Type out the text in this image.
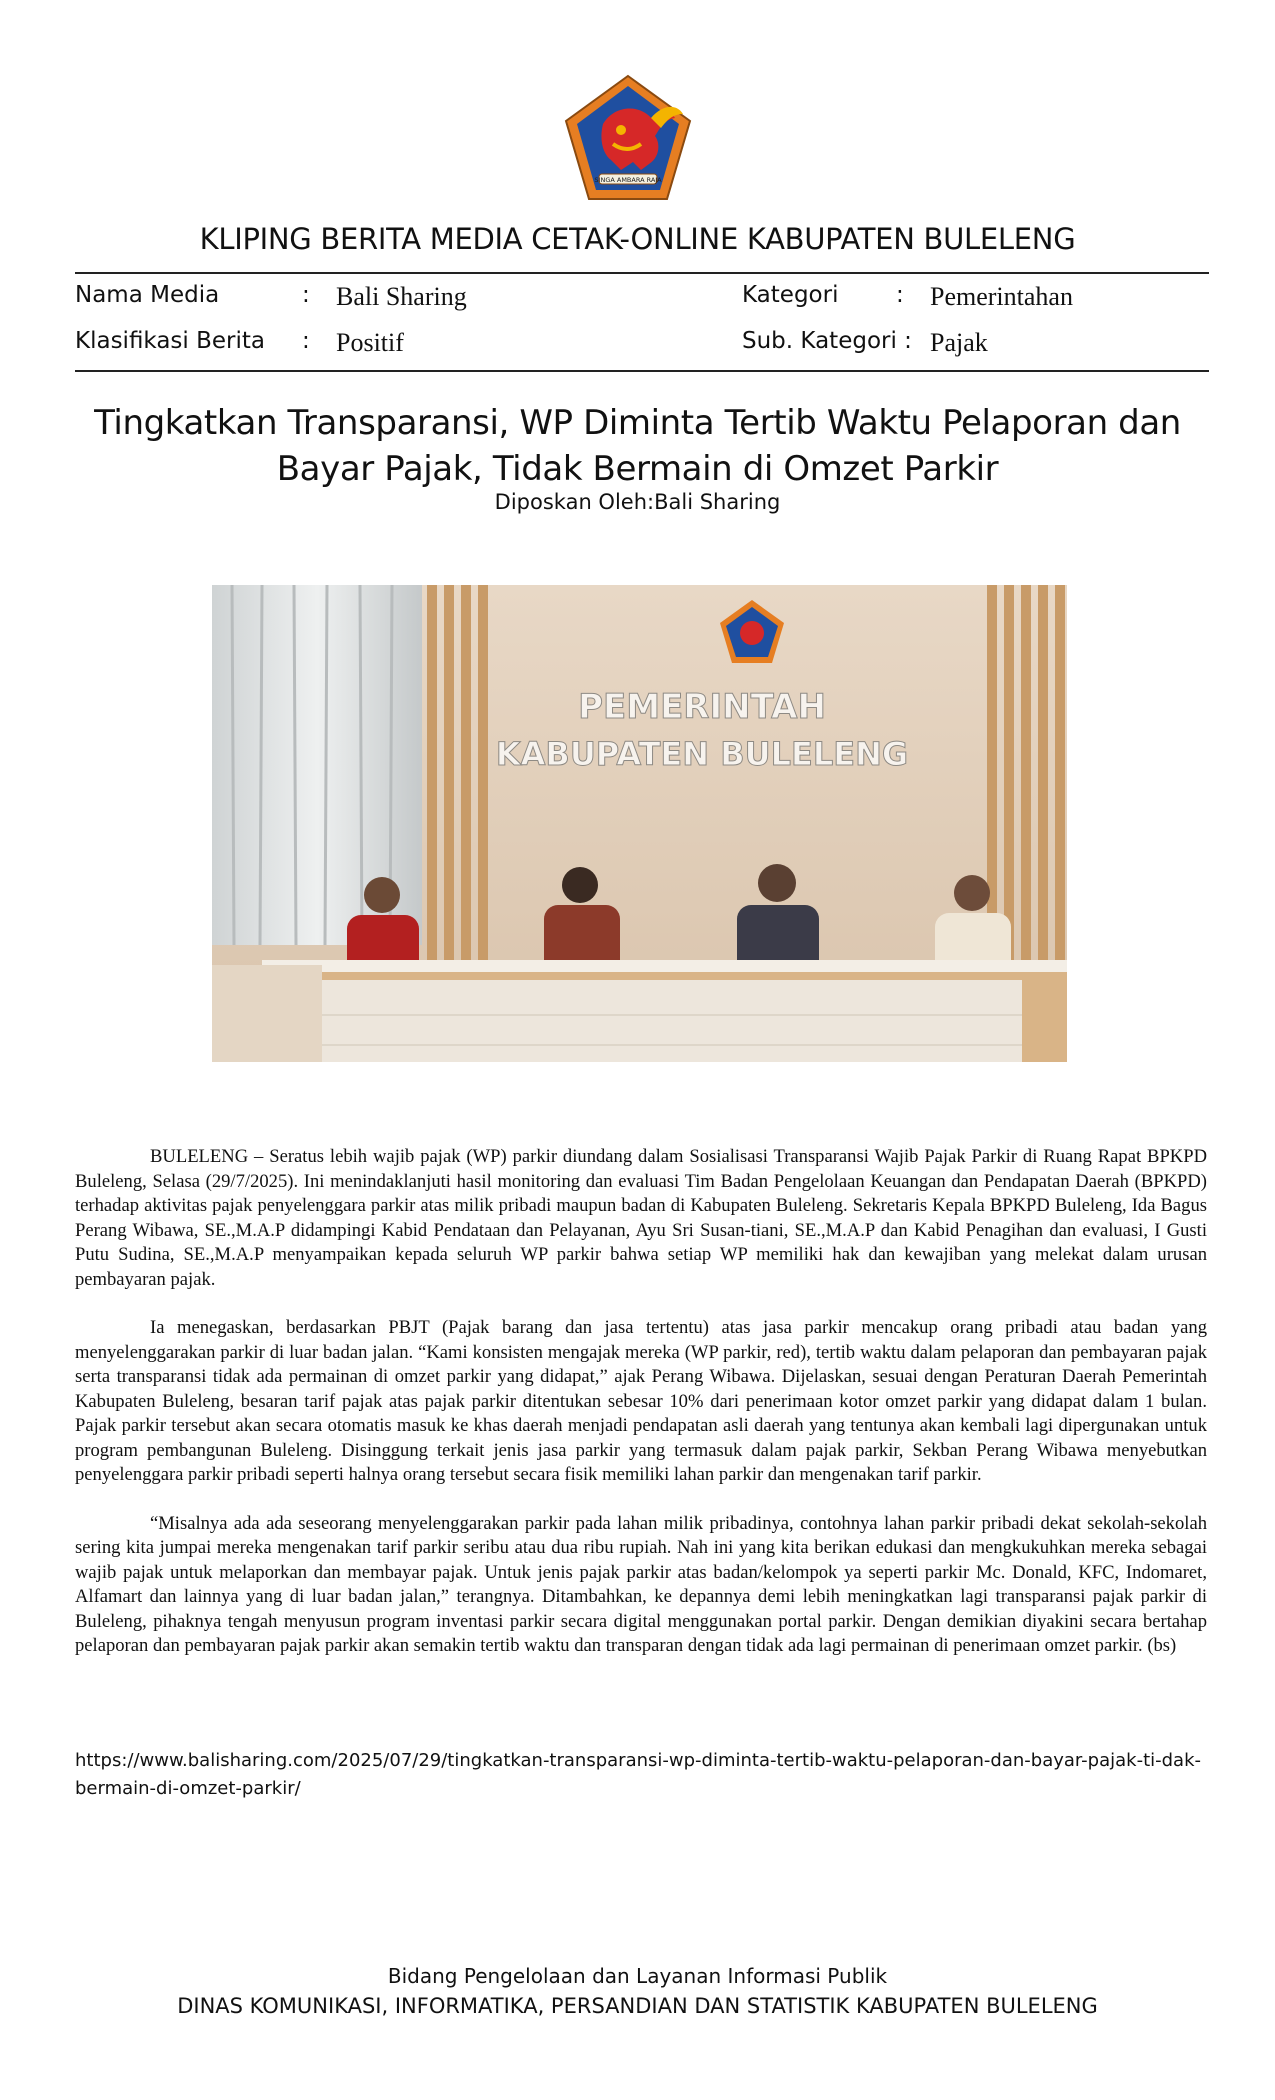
SINGA AMBARA RAJA
KLIPING BERITA MEDIA CETAK-ONLINE KABUPATEN BULELENG
Nama Media	: Bali Sharing	Kategori	: Pemerintahan
Klasifikasi Berita : Positif	Sub. Kategori : Pajak
Tingkatkan Transparansi, WP Diminta Tertib Waktu Pelaporan dan Bayar Pajak, Tidak Bermain di Omzet Parkir
Diposkan Oleh:Bali Sharing
PEMERINTAH
KABUPATEN BULELENG

BULELENG – Seratus lebih wajib pajak (WP) parkir diundang dalam Sosialisasi Transparansi Wajib Pajak Parkir di Ruang Rapat BPKPD Buleleng, Selasa (29/7/2025). Ini menindaklanjuti hasil monitoring dan evaluasi Tim Badan Pengelolaan Keuangan dan Pendapatan Daerah (BPKPD) terhadap aktivitas pajak penyelenggara parkir atas milik pribadi maupun badan di Kabupaten Buleleng. Sekretaris Kepala BPKPD Buleleng, Ida Bagus Perang Wibawa, SE.,M.A.P didampingi Kabid Pendataan dan Pelayanan, Ayu Sri Susan-tiani, SE.,M.A.P dan Kabid Penagihan dan evaluasi, I Gusti Putu Sudina, SE.,M.A.P menyampaikan kepada seluruh WP parkir bahwa setiap WP memiliki hak dan kewajiban yang melekat dalam urusan pembayaran pajak.

Ia menegaskan, berdasarkan PBJT (Pajak barang dan jasa tertentu) atas jasa parkir mencakup orang pribadi atau badan yang menyelenggarakan parkir di luar badan jalan. “Kami konsisten mengajak mereka (WP parkir, red), tertib waktu dalam pelaporan dan pembayaran pajak serta transparansi tidak ada permainan di omzet parkir yang didapat,” ajak Perang Wibawa. Dijelaskan, sesuai dengan Peraturan Daerah Pemerintah Kabupaten Buleleng, besaran tarif pajak atas pajak parkir ditentukan sebesar 10% dari penerimaan kotor omzet parkir yang didapat dalam 1 bulan. Pajak parkir tersebut akan secara otomatis masuk ke khas daerah menjadi pendapatan asli daerah yang tentunya akan kembali lagi dipergunakan untuk program pembangunan Buleleng. Disinggung terkait jenis jasa parkir yang termasuk dalam pajak parkir, Sekban Perang Wibawa menyebutkan penyelenggara parkir pribadi seperti halnya orang tersebut secara fisik memiliki lahan parkir dan mengenakan tarif parkir.

“Misalnya ada ada seseorang menyelenggarakan parkir pada lahan milik pribadinya, contohnya lahan parkir pribadi dekat sekolah-sekolah sering kita jumpai mereka mengenakan tarif parkir seribu atau dua ribu rupiah. Nah ini yang kita berikan edukasi dan mengkukuhkan mereka sebagai wajib pajak untuk melaporkan dan membayar pajak. Untuk jenis pajak parkir atas badan/kelompok ya seperti parkir Mc. Donald, KFC, Indomaret, Alfamart dan lainnya yang di luar badan jalan,” terangnya. Ditambahkan, ke depannya demi lebih meningkatkan lagi transparansi pajak parkir di Buleleng, pihaknya tengah menyusun program inventasi parkir secara digital menggunakan portal parkir. Dengan demikian diyakini secara bertahap pelaporan dan pembayaran pajak parkir akan semakin tertib waktu dan transparan dengan tidak ada lagi permainan di penerimaan omzet parkir. (bs)

https://www.balisharing.com/2025/07/29/tingkatkan-transparansi-wp-diminta-tertib-waktu-pelaporan-dan-bayar-pajak-ti-dak-bermain-di-omzet-parkir/
Bidang Pengelolaan dan Layanan Informasi Publik
DINAS KOMUNIKASI, INFORMATIKA, PERSANDIAN DAN STATISTIK KABUPATEN BULELENG
